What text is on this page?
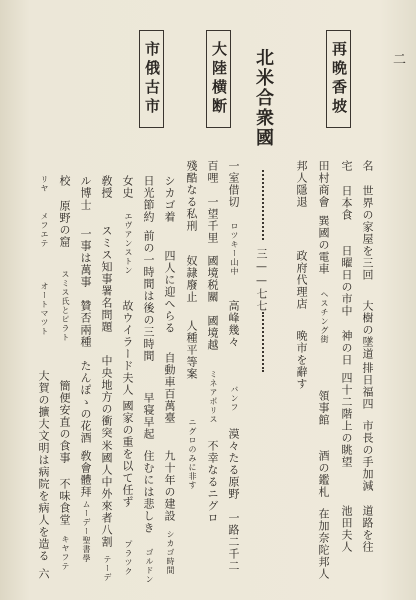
二
再晩香坡
大陸横断
市俄古市	北米合衆國
三——七七
名
世界の家屋を三回
大樹の墜道
排日福四
市長の手加減
道路を往
宅
日本食
日曜日の市中
神の日
四十二階上の眺望
池田夫人
田村商會
巽國の電車
ヘスチング街
領事館
酒の鑑札
在加奈陀邦人
邦人隱退
政府代理店
晩市を辭す
一室借切
ロツキー山中
高峰幾々
バンフ
漠々たる原野
一路二千二
百哩
一望千里
國境税關
國境越
ミネアポリス
不幸なるニグロ
殘酷なる私刑
奴隷廢止
人種平等案
ニグロのみに非す
シカゴ着
四人に迎へらる
自動車百萬臺
九十年の建設
シカゴ時間
日光節約
前の一時間は後の三時間
早寝早起
住むには悲しき
ゴルドン
女史
エヴアンストン
故ウイラード夫人
國家の重を以て任ず
プラツク
敎授
スミス知事署名問題
中央地方の衝突
米國人中外來者八割
テーデ
ル博士
一事は萬事
贊否兩種
たんぽゝの花酒
敎會體拜
ムーデー聖書學
校
原野の窟
スミス氏とピラト
簡便安直の食事
不味食堂
キヤフテ
リヤ
メフエテ
オートマツト
大賀の擴大
文明は病院を病人を造る
六
